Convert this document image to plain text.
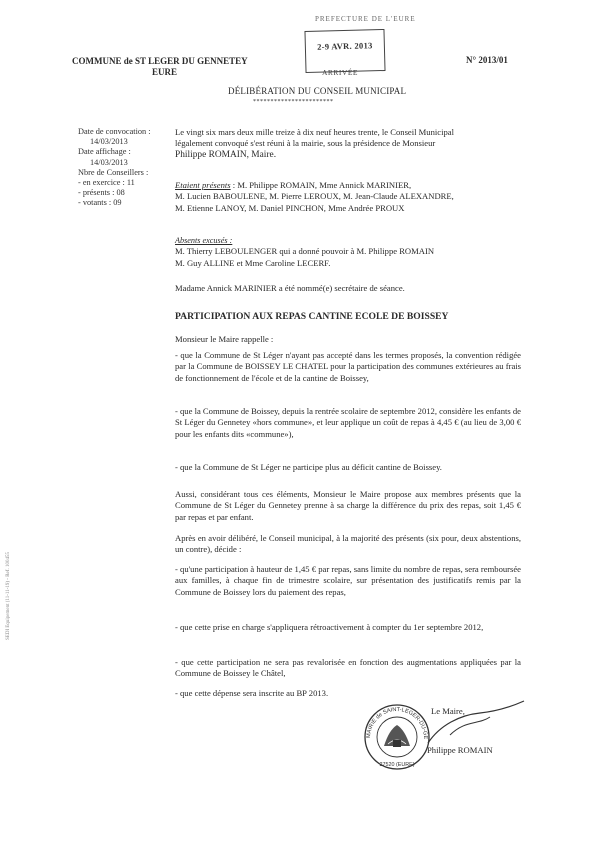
COMMUNE de ST LEGER DU GENNETEY
EURE
N° 2013/01
DÉLIBÉRATION DU CONSEIL MUNICIPAL
***********************
PREFECTURE DE L'EURE
2-9 AVR. 2013
ARRIVÉE
Date de convocation :
14/03/2013
Date affichage :
14/03/2013
Nbre de Conseillers :
- en exercice : 11
- présents : 08
- votants : 09
Le vingt six mars deux mille treize à dix neuf heures trente, le Conseil Municipal
légalement convoqué s'est réuni à la mairie, sous la présidence de Monsieur
Philippe ROMAIN, Maire.
Etaient présents : M. Philippe ROMAIN, Mme Annick MARINIER,
M. Lucien BABOULENE, M. Pierre LEROUX, M. Jean-Claude ALEXANDRE,
M. Etienne LANOY, M. Daniel PINCHON, Mme Andrée PROUX
Absents excusés :
M. Thierry LEBOULENGER qui a donné pouvoir à M. Philippe ROMAIN
M. Guy ALLINE et Mme Caroline LECERF.
Madame Annick MARINIER a été nommé(e) secrétaire de séance.
PARTICIPATION AUX REPAS CANTINE ECOLE DE BOISSEY
Monsieur le Maire rappelle :
- que la Commune de St Léger n'ayant pas accepté dans les termes proposés, la convention rédigée par la Commune de BOISSEY LE CHATEL pour la participation des communes extérieures au frais de fonctionnement de l'école et de la cantine de Boissey,
- que la Commune de Boissey, depuis la rentrée scolaire de septembre 2012, considère les enfants de St Léger du Gennetey «hors commune», et leur applique un coût de repas à 4,45 € (au lieu de 3,00 € pour les enfants dits «commune»),
- que la Commune de St Léger ne participe plus au déficit cantine de Boissey.
Aussi, considérant tous ces éléments, Monsieur le Maire propose aux membres présents que la Commune de St Léger du Gennetey prenne à sa charge la différence du prix des repas, soit 1,45 € par repas et par enfant.
Après en avoir délibéré, le Conseil municipal, à la majorité des présents (six pour, deux abstentions, un contre), décide :
- qu'une participation à hauteur de 1,45 € par repas, sans limite du nombre de repas, sera remboursée aux familles, à chaque fin de trimestre scolaire, sur présentation des justificatifs remis par la Commune de Boissey lors du paiement des repas,
- que cette prise en charge s'appliquera rétroactivement à compter du 1er septembre 2012,
- que cette participation ne sera pas revalorisée en fonction des augmentations appliquées par la Commune de Boissey le Châtel,
- que cette dépense sera inscrite au BP 2013.
Le Maire,
Philippe ROMAIN
MAIRIE de SAINT-LEGER-DU-GE
27520 (EURE)
SEDI Equipement (11-11-19) - Ref. 100455
